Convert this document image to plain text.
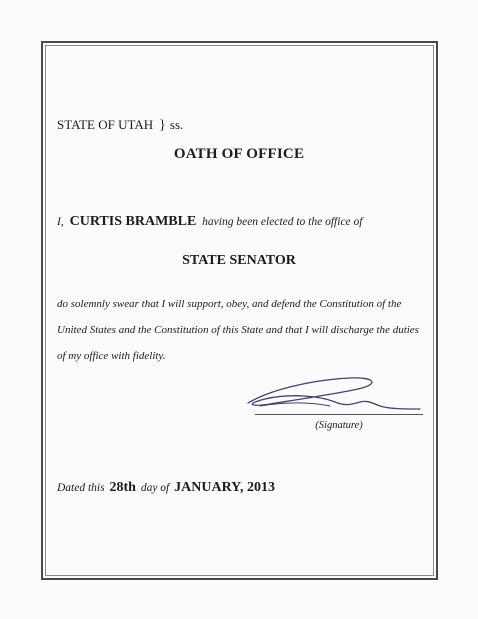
STATE OF UTAH } ss.
OATH OF OFFICE
I, CURTIS BRAMBLE having been elected to the office of
STATE SENATOR
do solemnly swear that I will support, obey, and defend the Constitution of the
United States and the Constitution of this State and that I will discharge the duties
of my office with fidelity.
(Signature)
Dated this 28th day of JANUARY, 2013
